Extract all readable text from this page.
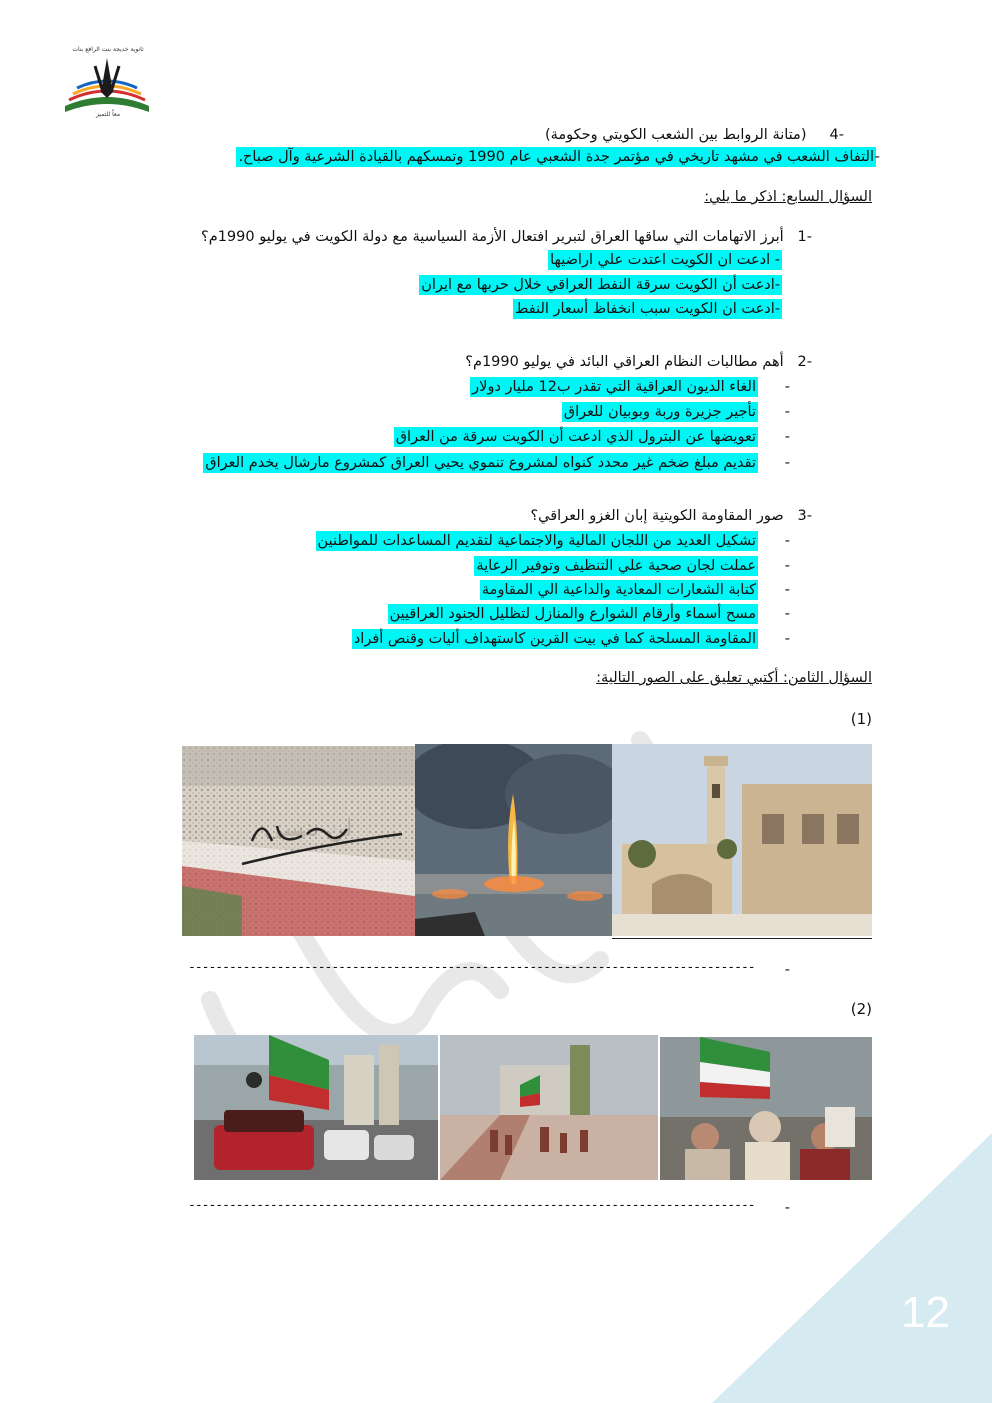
ثانوية خديجة بنت الرافع بنات
معاً للتميز
-4     (متانة الروابط بين الشعب الكويتي وحكومة)
التفاف الشعب في مشهد تاريخي في مؤتمر جدة الشعبي عام 1990 وتمسكهم بالقيادة الشرعية وآل صباح. -
السؤال السابع: اذكر ما يلي:
-1   أبرز الاتهامات التي ساقها العراق لتبرير افتعال الأزمة السياسية مع دولة الكويت في يوليو 1990م؟
- ادعت ان الكويت اعتدت علي اراضيها
-ادعت أن الكويت سرقة النفط العراقي خلال حربها مع ايران
-ادعت ان الكويت سبب انخفاظ أسعار النفط
-2   أهم مطالبات النظام العراقي البائد في يوليو 1990م؟
-
الغاء الديون العراقية التي تقدر ب12 مليار دولار
-
تأجير جزيرة وربة وبوبيان للعراق
-
تعويضها عن البترول الذي ادعت أن الكويت سرقة من العراق
-
تقديم مبلغ ضخم غير محدد كنواه لمشروع تنموي يحيي العراق كمشروع مارشال يخدم العراق
-3   صور المقاومة الكويتية إبان الغزو العراقي؟
-
تشكيل العديد من اللجان المالية والاجتماعية لتقديم المساعدات للمواطنين
-
عملت لجان صحية علي التنظيف وتوفير الرعاية
-
كتابة الشعارات المعادية والداعية الي المقاومة
-
مسح أسماء وأرقام الشوارع والمنازل لتظليل الجنود العراقيين
-
المقاومة المسلحة كما في بيت القرين كاستهداف أليات وقنص أفراد
السؤال الثامن: أكتبي تعليق على الصور التالية:
(1)
لن ننسى
----------------------------------------------------------------------------------- -
(2)
----------------------------------------------------------------------------------- -
12
